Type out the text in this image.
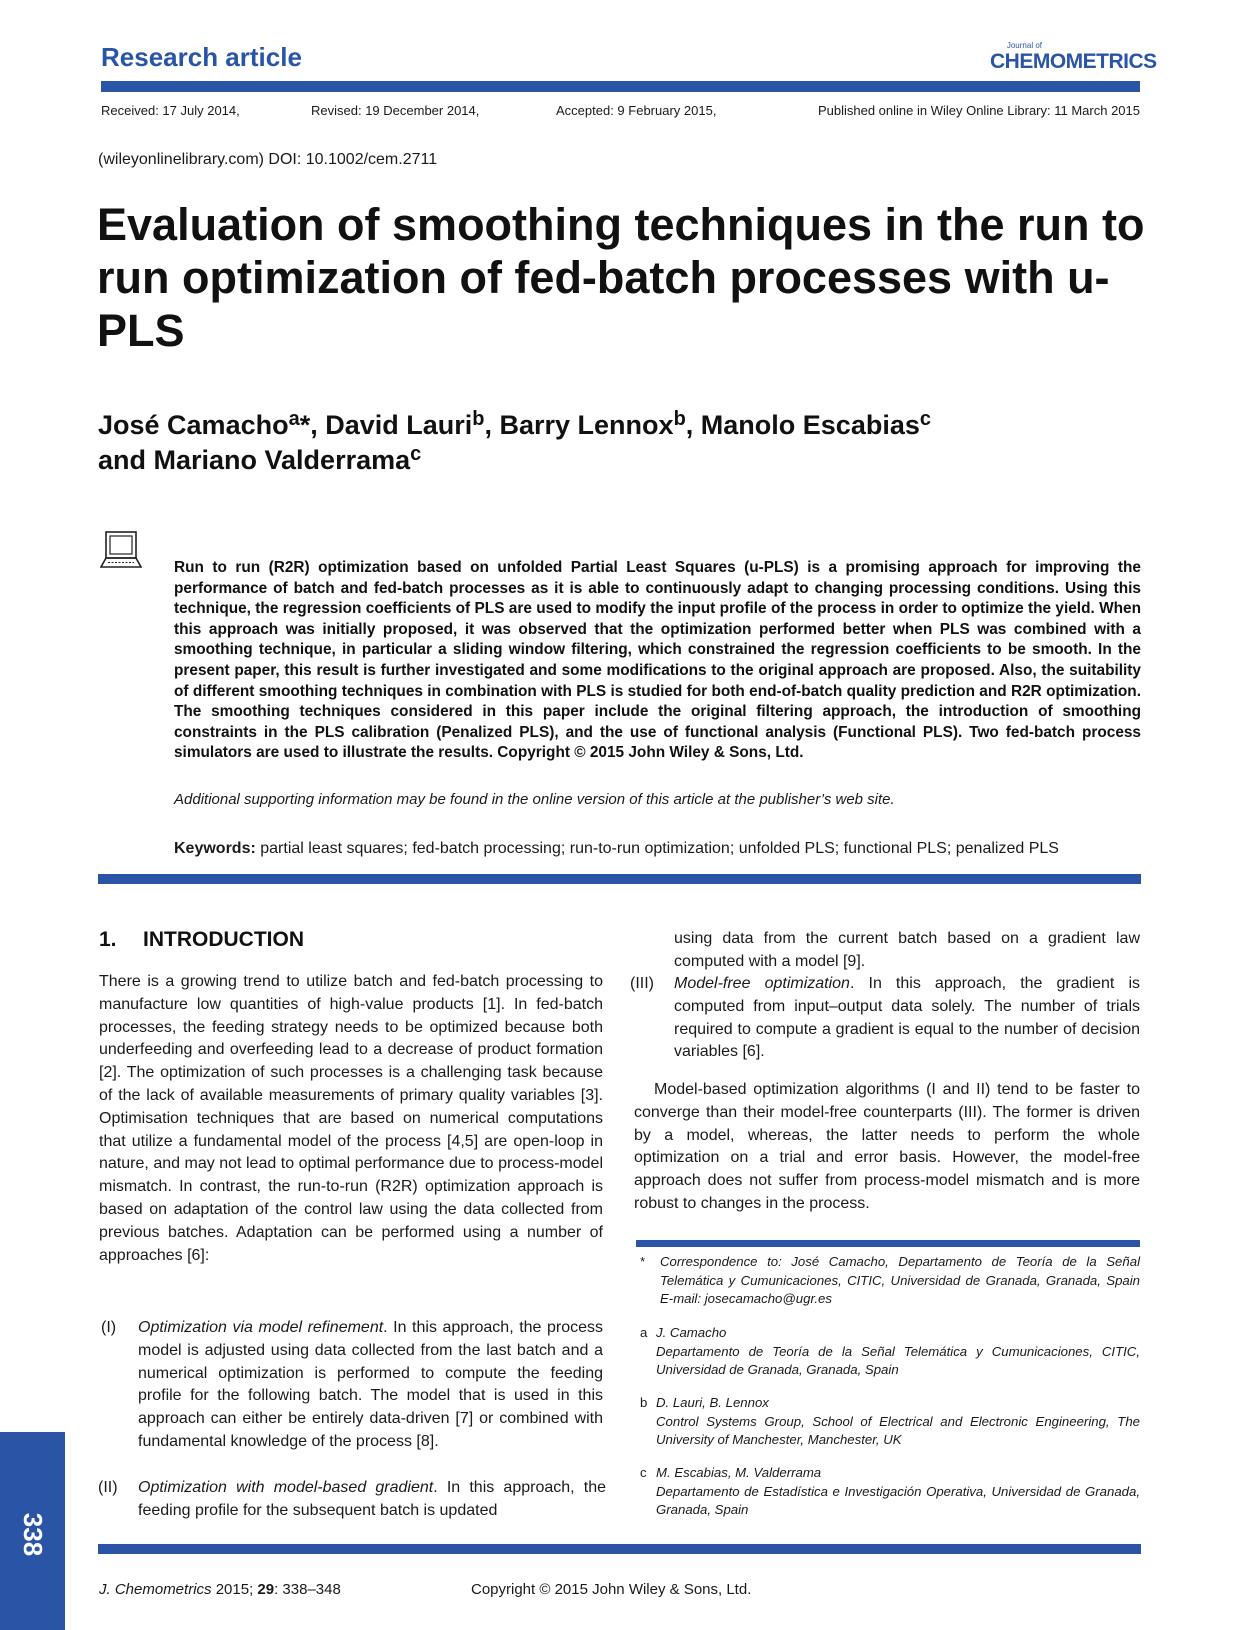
Research article	Journal of
CHEMOMETRICS
Received: 17 July 2014,	Revised: 19 December 2014,	Accepted: 9 February 2015,	Published online in Wiley Online Library: 11 March 2015
(wileyonlinelibrary.com) DOI: 10.1002/cem.2711
Evaluation of smoothing techniques in the run to run optimization of fed-batch processes with u-PLS
José Camacho$^a$*, David Lauri$^b$, Barry Lennox$^b$, Manolo Escabias$^c$
and Mariano Valderrama$^c$
Run to run (R2R) optimization based on unfolded Partial Least Squares (u-PLS) is a promising approach for improving the performance of batch and fed-batch processes as it is able to continuously adapt to changing processing conditions. Using this technique, the regression coefficients of PLS are used to modify the input profile of the process in order to optimize the yield. When this approach was initially proposed, it was observed that the optimization performed better when PLS was combined with a smoothing technique, in particular a sliding window filtering, which constrained the regression coefficients to be smooth. In the present paper, this result is further investigated and some modifications to the original approach are proposed. Also, the suitability of different smoothing techniques in combination with PLS is studied for both end-of-batch quality prediction and R2R optimization. The smoothing techniques considered in this paper include the original filtering approach, the introduction of smoothing constraints in the PLS calibration (Penalized PLS), and the use of functional analysis (Functional PLS). Two fed-batch process simulators are used to illustrate the results. Copyright © 2015 John Wiley & Sons, Ltd.
Additional supporting information may be found in the online version of this article at the publisher’s web site.
Keywords: partial least squares; fed-batch processing; run-to-run optimization; unfolded PLS; functional PLS; penalized PLS
1. INTRODUCTION
There is a growing trend to utilize batch and fed-batch processing to manufacture low quantities of high-value products [1]. In fed-batch processes, the feeding strategy needs to be optimized because both underfeeding and overfeeding lead to a decrease of product formation [2]. The optimization of such processes is a challenging task because of the lack of available measurements of primary quality variables [3]. Optimisation techniques that are based on numerical computations that utilize a fundamental model of the process [4,5] are open-loop in nature, and may not lead to optimal performance due to process-model mismatch. In contrast, the run-to-run (R2R) optimization approach is based on adaptation of the control law using the data collected from previous batches. Adaptation can be performed using a number of approaches [6]:
(I) Optimization via model refinement. In this approach, the process model is adjusted using data collected from the last batch and a numerical optimization is performed to compute the feeding profile for the following batch. The model that is used in this approach can either be entirely data-driven [7] or combined with fundamental knowledge of the process [8].
(II) Optimization with model-based gradient. In this approach, the feeding profile for the subsequent batch is updated
using data from the current batch based on a gradient law computed with a model [9].
(III) Model-free optimization. In this approach, the gradient is computed from input–output data solely. The number of trials required to compute a gradient is equal to the number of decision variables [6].
Model-based optimization algorithms (I and II) tend to be faster to converge than their model-free counterparts (III). The former is driven by a model, whereas, the latter needs to perform the whole optimization on a trial and error basis. However, the model-free approach does not suffer from process-model mismatch and is more robust to changes in the process.
* Correspondence to: José Camacho, Departamento de Teoría de la Señal Telemática y Cumunicaciones, CITIC, Universidad de Granada, Granada, Spain E-mail: josecamacho@ugr.es
a J. Camacho
Departamento de Teoría de la Señal Telemática y Cumunicaciones, CITIC, Universidad de Granada, Granada, Spain
b D. Lauri, B. Lennox
Control Systems Group, School of Electrical and Electronic Engineering, The University of Manchester, Manchester, UK
c M. Escabias, M. Valderrama
Departamento de Estadística e Investigación Operativa, Universidad de Granada, Granada, Spain
J. Chemometrics 2015; 29: 338–348	Copyright © 2015 John Wiley & Sons, Ltd.
338
